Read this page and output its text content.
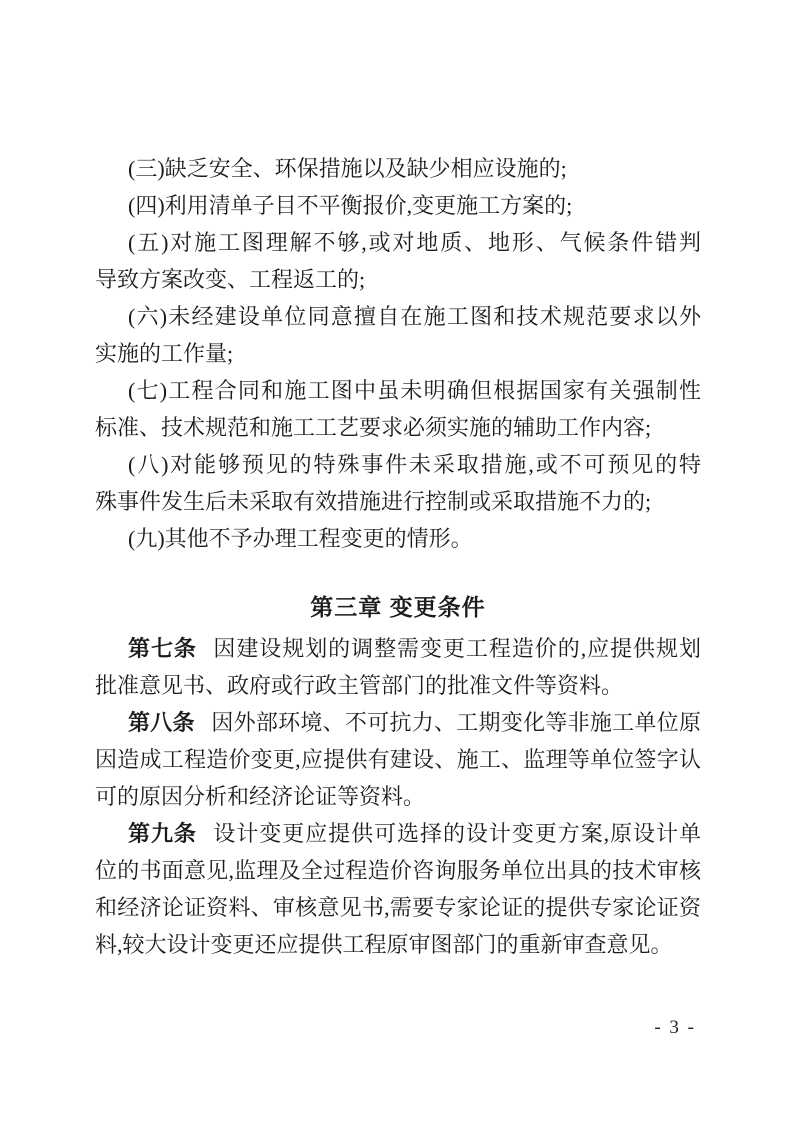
(三)缺乏安全、环保措施以及缺少相应设施的;
(四)利用清单子目不平衡报价,变更施工方案的;
(五)对施工图理解不够,或对地质、地形、气候条件错判
导致方案改变、工程返工的;
(六)未经建设单位同意擅自在施工图和技术规范要求以外
实施的工作量;
(七)工程合同和施工图中虽未明确但根据国家有关强制性
标准、技术规范和施工工艺要求必须实施的辅助工作内容;
(八)对能够预见的特殊事件未采取措施,或不可预见的特
殊事件发生后未采取有效措施进行控制或采取措施不力的;
(九)其他不予办理工程变更的情形。
第三章 变更条件
第七条 因建设规划的调整需变更工程造价的,应提供规划
批准意见书、政府或行政主管部门的批准文件等资料。
第八条 因外部环境、不可抗力、工期变化等非施工单位原
因造成工程造价变更,应提供有建设、施工、监理等单位签字认
可的原因分析和经济论证等资料。
第九条 设计变更应提供可选择的设计变更方案,原设计单
位的书面意见,监理及全过程造价咨询服务单位出具的技术审核
和经济论证资料、审核意见书,需要专家论证的提供专家论证资
料,较大设计变更还应提供工程原审图部门的重新审查意见。
- 3 -
